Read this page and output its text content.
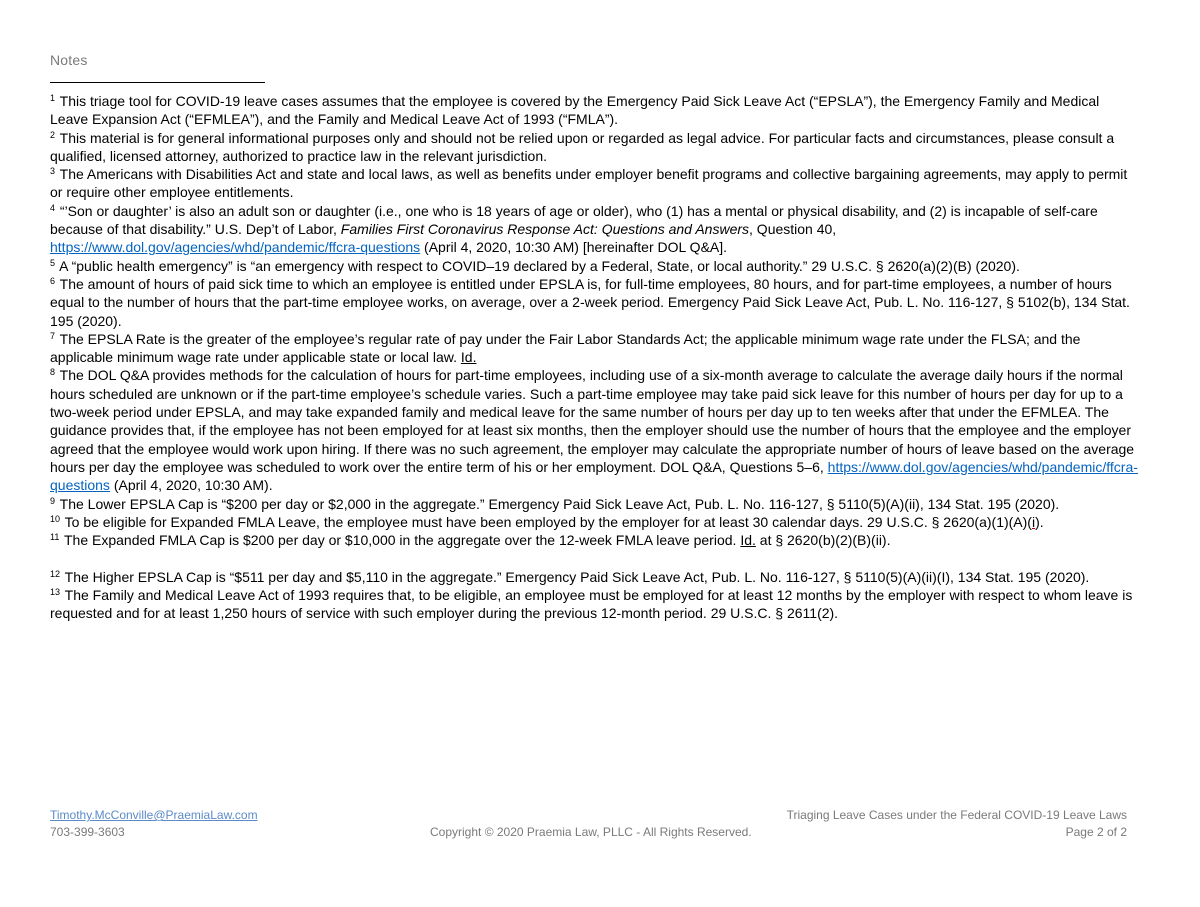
Notes

$^1$ This triage tool for COVID-19 leave cases assumes that the employee is covered by the Emergency Paid Sick Leave Act (“EPSLA”), the Emergency Family and Medical Leave Expansion Act (“EFMLEA”), and the Family and Medical Leave Act of 1993 (“FMLA”).

$^2$ This material is for general informational purposes only and should not be relied upon or regarded as legal advice. For particular facts and circumstances, please consult a qualified, licensed attorney, authorized to practice law in the relevant jurisdiction.

$^3$ The Americans with Disabilities Act and state and local laws, as well as benefits under employer benefit programs and collective bargaining agreements, may apply to permit or require other employee entitlements.

$^4$ “’Son or daughter’ is also an adult son or daughter (i.e., one who is 18 years of age or older), who (1) has a mental or physical disability, and (2) is incapable of self-care because of that disability.” U.S. Dep’t of Labor, Families First Coronavirus Response Act: Questions and Answers, Question 40, https://www.dol.gov/agencies/whd/pandemic/ffcra-questions (April 4, 2020, 10:30 AM) [hereinafter DOL Q&A].

$^5$ A “public health emergency” is “an emergency with respect to COVID–19 declared by a Federal, State, or local authority.” 29 U.S.C. § 2620(a)(2)(B) (2020).

$^6$ The amount of hours of paid sick time to which an employee is entitled under EPSLA is, for full-time employees, 80 hours, and for part-time employees, a number of hours equal to the number of hours that the part-time employee works, on average, over a 2-week period. Emergency Paid Sick Leave Act, Pub. L. No. 116-127, § 5102(b), 134 Stat. 195 (2020).

$^7$ The EPSLA Rate is the greater of the employee’s regular rate of pay under the Fair Labor Standards Act; the applicable minimum wage rate under the FLSA; and the applicable minimum wage rate under applicable state or local law. Id.

$^8$ The DOL Q&A provides methods for the calculation of hours for part-time employees, including use of a six-month average to calculate the average daily hours if the normal hours scheduled are unknown or if the part-time employee’s schedule varies. Such a part-time employee may take paid sick leave for this number of hours per day for up to a two-week period under EPSLA, and may take expanded family and medical leave for the same number of hours per day up to ten weeks after that under the EFMLEA. The guidance provides that, if the employee has not been employed for at least six months, then the employer should use the number of hours that the employee and the employer agreed that the employee would work upon hiring. If there was no such agreement, the employer may calculate the appropriate number of hours of leave based on the average hours per day the employee was scheduled to work over the entire term of his or her employment. DOL Q&A, Questions 5–6, https://www.dol.gov/agencies/whd/pandemic/ffcra-questions (April 4, 2020, 10:30 AM).

$^9$ The Lower EPSLA Cap is “$200 per day or $2,000 in the aggregate.” Emergency Paid Sick Leave Act, Pub. L. No. 116-127, § 5110(5)(A)(ii), 134 Stat. 195 (2020).

$^{10}$ To be eligible for Expanded FMLA Leave, the employee must have been employed by the employer for at least 30 calendar days. 29 U.S.C. § 2620(a)(1)(A)(i).

$^{11}$ The Expanded FMLA Cap is $200 per day or $10,000 in the aggregate over the 12-week FMLA leave period. Id. at § 2620(b)(2)(B)(ii).

$^{12}$ The Higher EPSLA Cap is “$511 per day and $5,110 in the aggregate.” Emergency Paid Sick Leave Act, Pub. L. No. 116-127, § 5110(5)(A)(ii)(I), 134 Stat. 195 (2020).

$^{13}$ The Family and Medical Leave Act of 1993 requires that, to be eligible, an employee must be employed for at least 12 months by the employer with respect to whom leave is requested and for at least 1,250 hours of service with such employer during the previous 12-month period. 29 U.S.C. § 2611(2).

Timothy.McConville@PraemiaLaw.com
703-399-3603	Copyright © 2020 Praemia Law, PLLC - All Rights Reserved.
Triaging Leave Cases under the Federal COVID-19 Leave Laws
Page 2 of 2
